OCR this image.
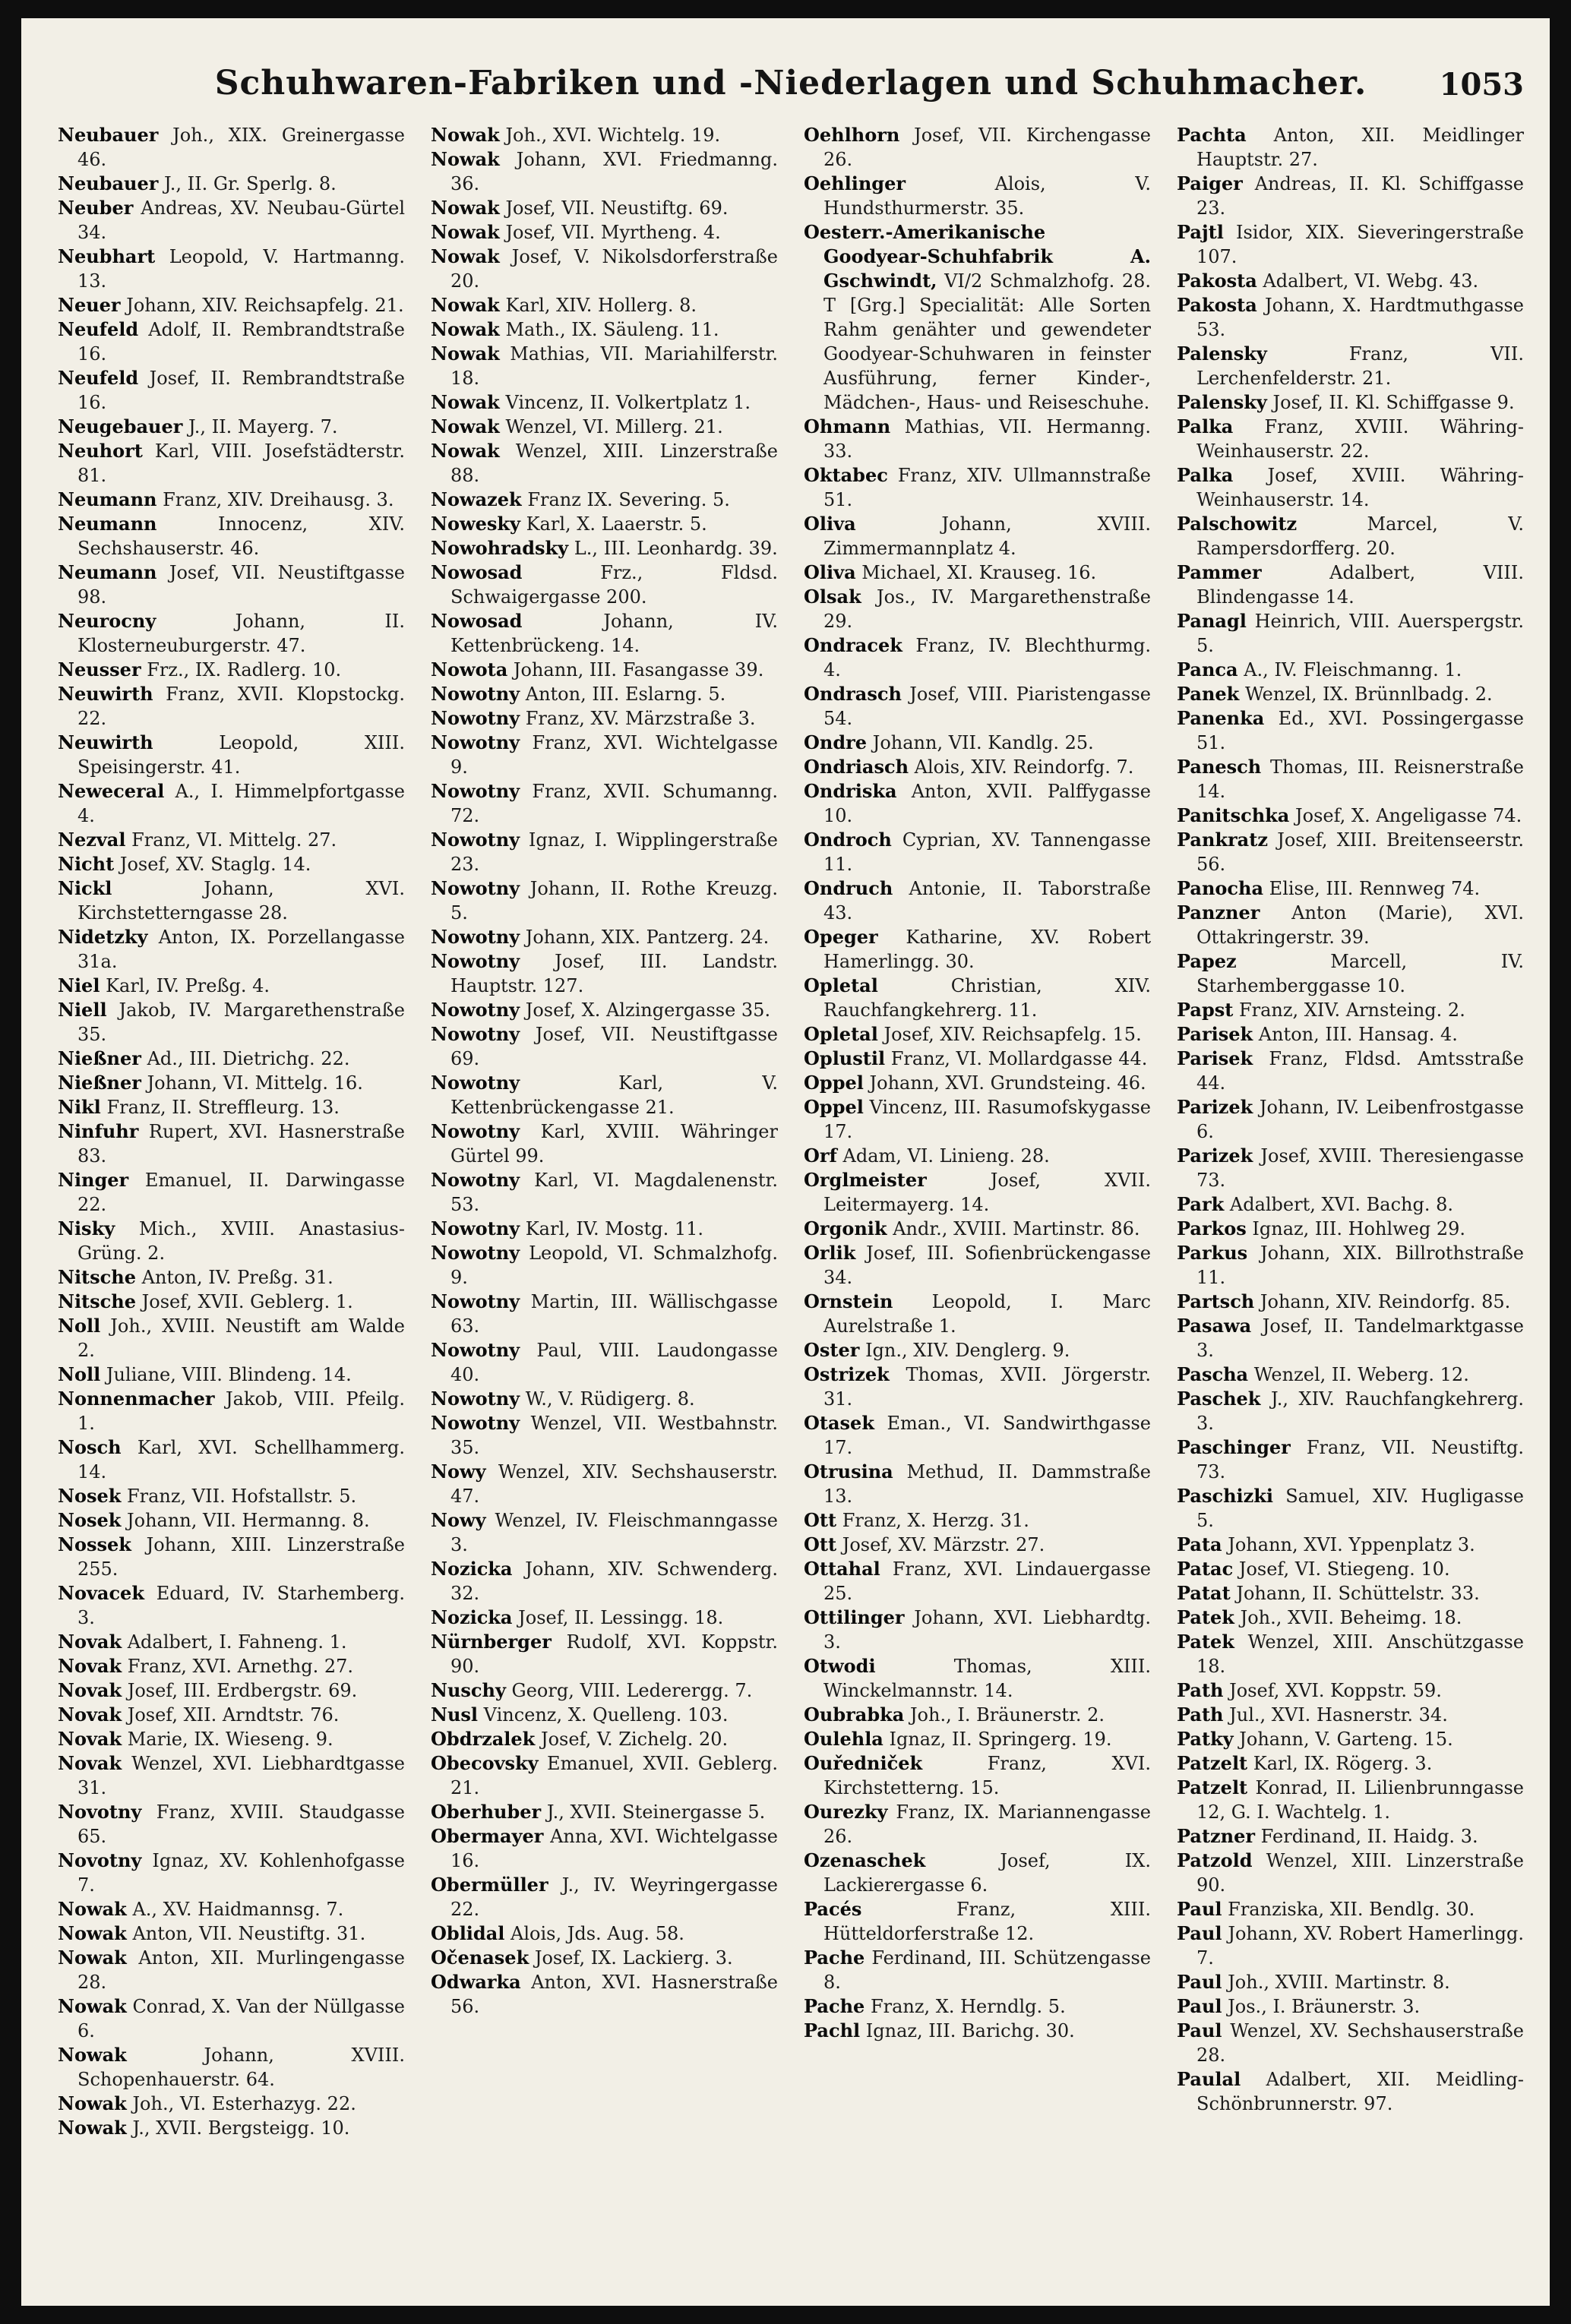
Schuhwaren-Fabriken und -Niederlagen und Schuhmacher.	1053
Neubauer Joh., XIX. Greinergasse 46.
Neubauer J., II. Gr. Sperlg. 8.
Neuber Andreas, XV. Neubau-Gürtel 34.
Neubhart Leopold, V. Hartmanng. 13.
Neuer Johann, XIV. Reichsapfelg. 21.
Neufeld Adolf, II. Rembrandtstraße 16.
Neufeld Josef, II. Rembrandtstraße 16.
Neugebauer J., II. Mayerg. 7.
Neuhort Karl, VIII. Josefstädterstr. 81.
Neumann Franz, XIV. Dreihausg. 3.
Neumann	Innocenz, XIV. Sechshauserstr. 46.
Neumann Josef, VII. Neustiftgasse 98.
Neurocny	Johann, II. Klosterneuburgerstr. 47.
Neusser Frz., IX. Radlerg. 10.
Neuwirth Franz, XVII. Klopstockg. 22.
Neuwirth	Leopold, XIII. Speisingerstr. 41.
Neweceral A., I. Himmelpfortgasse 4.
Nezval Franz, VI. Mittelg. 27.
Nicht Josef, XV. Staglg. 14.
Nickl	Johann, XVI. Kirchstetterngasse 28.
Nidetzky Anton, IX. Porzellangasse 31a.
Niel Karl, IV. Preßg. 4.
Niell Jakob, IV. Margarethenstraße 35.
Nießner Ad., III. Dietrichg. 22.
Nießner Johann, VI. Mittelg. 16.
Nikl Franz, II. Streffleurg. 13.
Ninfuhr Rupert, XVI. Hasnerstraße 83.
Ninger Emanuel, II. Darwingasse 22.
Nisky Mich., XVIII. Anastasius-Grüng. 2.
Nitsche Anton, IV. Preßg. 31.
Nitsche Josef, XVII. Geblerg. 1.
Noll Joh., XVIII. Neustift am Walde 2.
Noll Juliane, VIII. Blindeng. 14.
Nonnenmacher Jakob, VIII. Pfeilg. 1.
Nosch Karl, XVI. Schellhammerg. 14.
Nosek Franz, VII. Hofstallstr. 5.
Nosek Johann, VII. Hermanng. 8.
Nossek Johann, XIII. Linzerstraße 255.
Novacek Eduard, IV. Starhemberg. 3.
Novak Adalbert, I. Fahneng. 1.
Novak Franz, XVI. Arnethg. 27.
Novak Josef, III. Erdbergstr. 69.
Novak Josef, XII. Arndtstr. 76.
Novak Marie, IX. Wieseng. 9.
Novak Wenzel, XVI. Liebhardtgasse 31.
Novotny Franz, XVIII. Staudgasse 65.
Novotny Ignaz, XV. Kohlenhofgasse 7.
Nowak A., XV. Haidmannsg. 7.
Nowak Anton, VII. Neustiftg. 31.
Nowak Anton, XII. Murlingengasse 28.
Nowak Conrad, X. Van der Nüllgasse 6.
Nowak	Johann, XVIII. Schopenhauerstr. 64.
Nowak Joh., VI. Esterhazyg. 22.
Nowak J., XVII. Bergsteigg. 10.
Nowak Joh., XVI. Wichtelg. 19.
Nowak Johann, XVI. Friedmanng. 36.
Nowak Josef, VII. Neustiftg. 69.
Nowak Josef, VII. Myrtheng. 4.
Nowak Josef, V. Nikolsdorferstraße 20.
Nowak Karl, XIV. Hollerg. 8.
Nowak Math., IX. Säuleng. 11.
Nowak Mathias, VII. Mariahilferstr. 18.
Nowak Vincenz, II. Volkertplatz 1.
Nowak Wenzel, VI. Millerg. 21.
Nowak Wenzel, XIII. Linzerstraße 88.
Nowazek Franz IX. Severing. 5.
Nowesky Karl, X. Laaerstr. 5.
Nowohradsky L., III. Leonhardg. 39.
Nowosad	Frz., Fldsd. Schwaigergasse 200.
Nowosad	Johann, IV. Kettenbrückeng. 14.
Nowota Johann, III. Fasangasse 39.
Nowotny Anton, III. Eslarng. 5.
Nowotny Franz, XV. Märzstraße 3.
Nowotny Franz, XVI. Wichtelgasse 9.
Nowotny Franz, XVII. Schumanng. 72.
Nowotny Ignaz, I. Wipplingerstraße 23.
Nowotny Johann, II. Rothe Kreuzg. 5.
Nowotny Johann, XIX. Pantzerg. 24.
Nowotny Josef, III. Landstr. Hauptstr. 127.
Nowotny Josef, X. Alzingergasse 35.
Nowotny Josef, VII. Neustiftgasse 69.
Nowotny	Karl, V. Kettenbrückengasse 21.
Nowotny Karl, XVIII. Währinger Gürtel 99.
Nowotny Karl, VI. Magdalenenstr. 53.
Nowotny Karl, IV. Mostg. 11.
Nowotny Leopold, VI. Schmalzhofg. 9.
Nowotny Martin, III. Wällischgasse 63.
Nowotny Paul, VIII. Laudongasse 40.
Nowotny W., V. Rüdigerg. 8.
Nowotny Wenzel, VII. Westbahnstr. 35.
Nowy Wenzel, XIV. Sechshauserstr. 47.
Nowy Wenzel, IV. Fleischmanngasse 3.
Nozicka Johann, XIV. Schwenderg. 32.
Nozicka Josef, II. Lessingg. 18.
Nürnberger Rudolf, XVI. Koppstr. 90.
Nuschy Georg, VIII. Lederergg. 7.
Nusl Vincenz, X. Quelleng. 103.
Obdrzalek Josef, V. Zichelg. 20.
Obecovsky Emanuel, XVII. Geblerg. 21.
Oberhuber J., XVII. Steinergasse 5.
Obermayer Anna, XVI. Wichtelgasse 16.
Obermüller J., IV. Weyringergasse 22.
Oblidal Alois, Jds. Aug. 58.
Očenasek Josef, IX. Lackierg. 3.
Odwarka Anton, XVI. Hasnerstraße 56.
Oehlhorn Josef, VII. Kirchengasse 26.
Oehlinger	Alois, V. Hundsthurmerstr. 35.
Oesterr.-Amerikanische Goodyear-Schuhfabrik A. Gschwindt, VI/2 Schmalzhofg. 28. T [Grg.] Specialität: Alle Sorten Rahm genähter und gewendeter Goodyear-Schuhwaren in feinster Ausführung, ferner Kinder-, Mädchen-, Haus- und Reiseschuhe.
Ohmann Mathias, VII. Hermanng. 33.
Oktabec Franz, XIV. Ullmannstraße 51.
Oliva	Johann, XVIII. Zimmermannplatz 4.
Oliva Michael, XI. Krauseg. 16.
Olsak Jos., IV. Margarethenstraße 29.
Ondracek Franz, IV. Blechthurmg. 4.
Ondrasch Josef, VIII. Piaristengasse 54.
Ondre Johann, VII. Kandlg. 25.
Ondriasch Alois, XIV. Reindorfg. 7.
Ondriska Anton, XVII. Palffygasse 10.
Ondroch Cyprian, XV. Tannengasse 11.
Ondruch Antonie, II. Taborstraße 43.
Opeger Katharine, XV. Robert Hamerlingg. 30.
Opletal	Christian, XIV. Rauchfangkehrerg. 11.
Opletal Josef, XIV. Reichsapfelg. 15.
Oplustil Franz, VI. Mollardgasse 44.
Oppel Johann, XVI. Grundsteing. 46.
Oppel Vincenz, III. Rasumofskygasse 17.
Orf Adam, VI. Linieng. 28.
Orglmeister	Josef, XVII. Leitermayerg. 14.
Orgonik Andr., XVIII. Martinstr. 86.
Orlik Josef, III. Sofienbrückengasse 34.
Ornstein Leopold, I. Marc Aurelstraße 1.
Oster Ign., XIV. Denglerg. 9.
Ostrizek Thomas, XVII. Jörgerstr. 31.
Otasek Eman., VI. Sandwirthgasse 17.
Otrusina Methud, II. Dammstraße 13.
Ott Franz, X. Herzg. 31.
Ott Josef, XV. Märzstr. 27.
Ottahal Franz, XVI. Lindauergasse 25.
Ottilinger Johann, XVI. Liebhardtg. 3.
Otwodi	Thomas, XIII. Winckelmannstr. 14.
Oubrabka Joh., I. Bräunerstr. 2.
Oulehla Ignaz, II. Springerg. 19.
Ouředniček	Franz, XVI. Kirchstetterng. 15.
Ourezky Franz, IX. Mariannengasse 26.
Ozenaschek	Josef, IX. Lackierergasse 6.
Pacés	Franz, XIII. Hütteldorferstraße 12.
Pache Ferdinand, III. Schützengasse 8.
Pache Franz, X. Herndlg. 5.
Pachl Ignaz, III. Barichg. 30.
Pachta Anton, XII. Meidlinger Hauptstr. 27.
Paiger Andreas, II. Kl. Schiffgasse 23.
Pajtl Isidor, XIX. Sieveringerstraße 107.
Pakosta Adalbert, VI. Webg. 43.
Pakosta Johann, X. Hardtmuthgasse 53.
Palensky	Franz, VII. Lerchenfelderstr. 21.
Palensky Josef, II. Kl. Schiffgasse 9.
Palka Franz, XVIII. Währing-Weinhauserstr. 22.
Palka Josef, XVIII. Währing-Weinhauserstr. 14.
Palschowitz	Marcel, V. Rampersdorfferg. 20.
Pammer	Adalbert, VIII. Blindengasse 14.
Panagl Heinrich, VIII. Auerspergstr. 5.
Panca A., IV. Fleischmanng. 1.
Panek Wenzel, IX. Brünnlbadg. 2.
Panenka Ed., XVI. Possingergasse 51.
Panesch Thomas, III. Reisnerstraße 14.
Panitschka Josef, X. Angeligasse 74.
Pankratz Josef, XIII. Breitenseerstr. 56.
Panocha Elise, III. Rennweg 74.
Panzner Anton (Marie), XVI. Ottakringerstr. 39.
Papez	Marcell, IV. Starhemberggasse 10.
Papst Franz, XIV. Arnsteing. 2.
Parisek Anton, III. Hansag. 4.
Parisek Franz, Fldsd. Amtsstraße 44.
Parizek Johann, IV. Leibenfrostgasse 6.
Parizek Josef, XVIII. Theresiengasse 73.
Park Adalbert, XVI. Bachg. 8.
Parkos Ignaz, III. Hohlweg 29.
Parkus Johann, XIX. Billrothstraße 11.
Partsch Johann, XIV. Reindorfg. 85.
Pasawa Josef, II. Tandelmarktgasse 3.
Pascha Wenzel, II. Weberg. 12.
Paschek J., XIV. Rauchfangkehrerg. 3.
Paschinger Franz, VII. Neustiftg. 73.
Paschizki Samuel, XIV. Hugligasse 5.
Pata Johann, XVI. Yppenplatz 3.
Patac Josef, VI. Stiegeng. 10.
Patat Johann, II. Schüttelstr. 33.
Patek Joh., XVII. Beheimg. 18.
Patek Wenzel, XIII. Anschützgasse 18.
Path Josef, XVI. Koppstr. 59.
Path Jul., XVI. Hasnerstr. 34.
Patky Johann, V. Garteng. 15.
Patzelt Karl, IX. Rögerg. 3.
Patzelt Konrad, II. Lilienbrunngasse 12, G. I. Wachtelg. 1.
Patzner Ferdinand, II. Haidg. 3.
Patzold Wenzel, XIII. Linzerstraße 90.
Paul Franziska, XII. Bendlg. 30.
Paul Johann, XV. Robert Hamerlingg. 7.
Paul Joh., XVIII. Martinstr. 8.
Paul Jos., I. Bräunerstr. 3.
Paul Wenzel, XV. Sechshauserstraße 28.
Paulal Adalbert, XII. Meidling-Schönbrunnerstr. 97.
